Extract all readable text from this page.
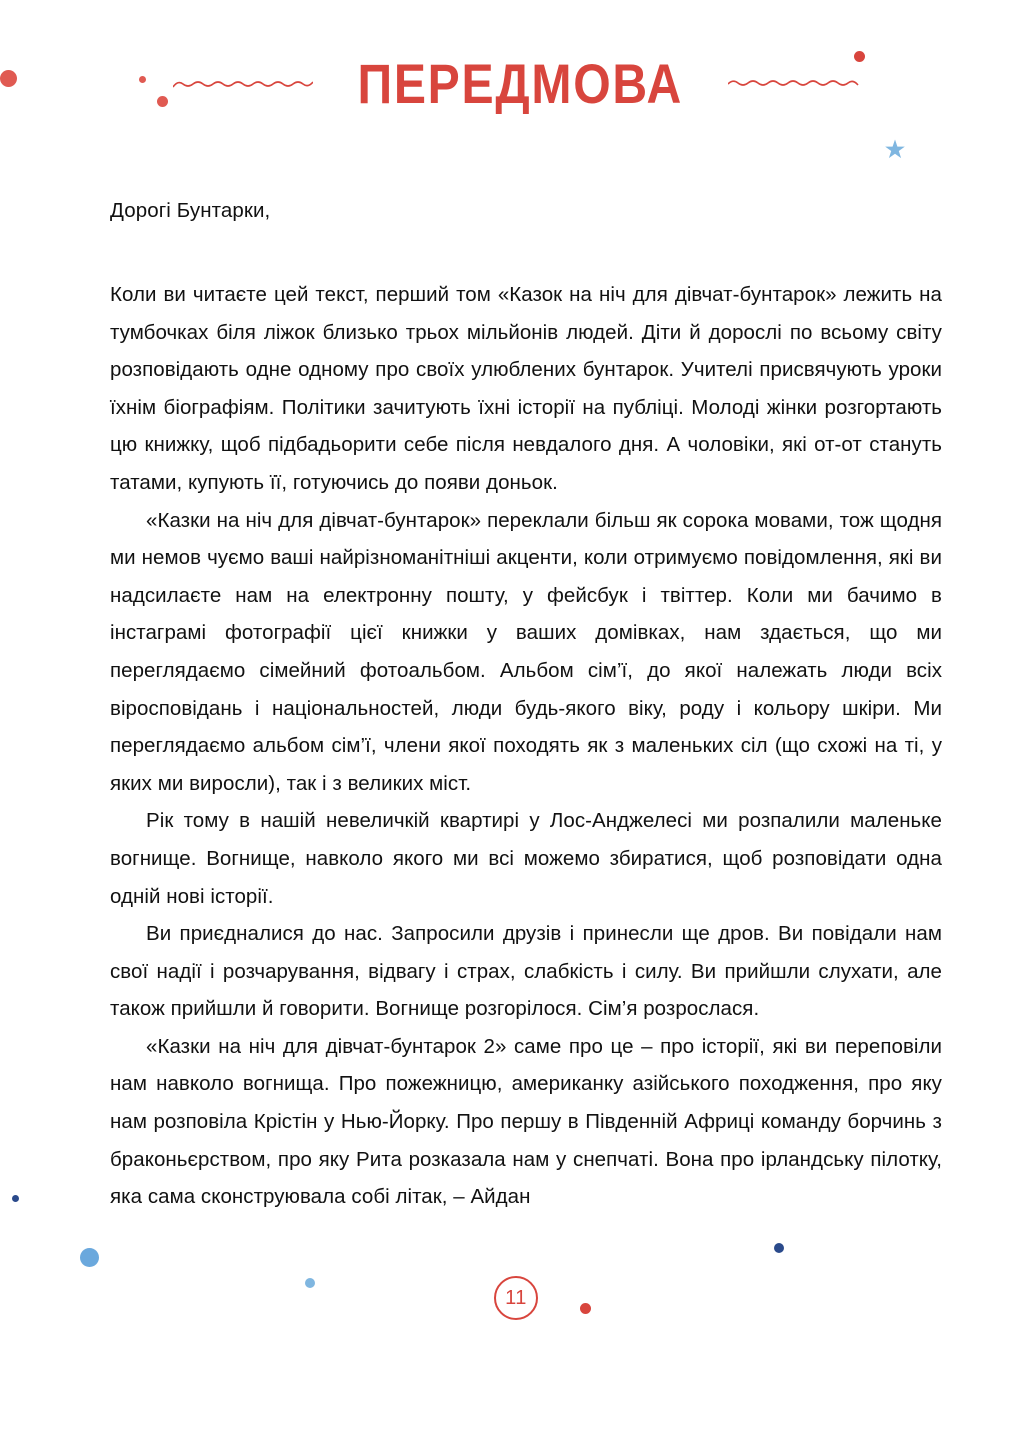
ПЕРЕДМОВА

Дорогі Бунтарки,

Коли ви читаєте цей текст, перший том «Казок на ніч для дівчат-бунтарок» лежить на тумбочках біля ліжок близько трьох мільйонів людей. Діти й дорослі по всьому світу розповідають одне одному про своїх улюблених бунтарок. Учителі присвячують уроки їхнім біографіям. Політики зачитують їхні історії на публіці. Молоді жінки розгортають цю книжку, щоб підбадьорити себе після невдалого дня. А чоловіки, які от-от стануть татами, купують її, готуючись до появи доньок.

«Казки на ніч для дівчат-бунтарок» переклали більш як сорока мовами, тож щодня ми немов чуємо ваші найрізноманітніші акценти, коли отримуємо повідомлення, які ви надсилаєте нам на електронну пошту, у фейсбук і твіттер. Коли ми бачимо в інстаграмі фотографії цієї книжки у ваших домівках, нам здається, що ми переглядаємо сімейний фотоальбом. Альбом сім’ї, до якої належать люди всіх віросповідань і національностей, люди будь-якого віку, роду і кольору шкіри. Ми переглядаємо альбом сім’ї, члени якої походять як з маленьких сіл (що схожі на ті, у яких ми виросли), так і з великих міст.

Рік тому в нашій невеличкій квартирі у Лос-Анджелесі ми розпалили маленьке вогнище. Вогнище, навколо якого ми всі можемо збиратися, щоб розповідати одна одній нові історії.

Ви приєдналися до нас. Запросили друзів і принесли ще дров. Ви повідали нам свої надії і розчарування, відвагу і страх, слабкість і силу. Ви прийшли слухати, але також прийшли й говорити. Вогнище розгорілося. Сім’я розрослася.

«Казки на ніч для дівчат-бунтарок 2» саме про це – про історії, які ви переповіли нам навколо вогнища. Про пожежницю, американку азійського походження, про яку нам розповіла Крістін у Нью-Йорку. Про першу в Південній Африці команду борчинь з браконьєрством, про яку Рита розказала нам у снепчаті. Вона про ірландську пілотку, яка сама сконструювала собі літак, – Айдан

11
